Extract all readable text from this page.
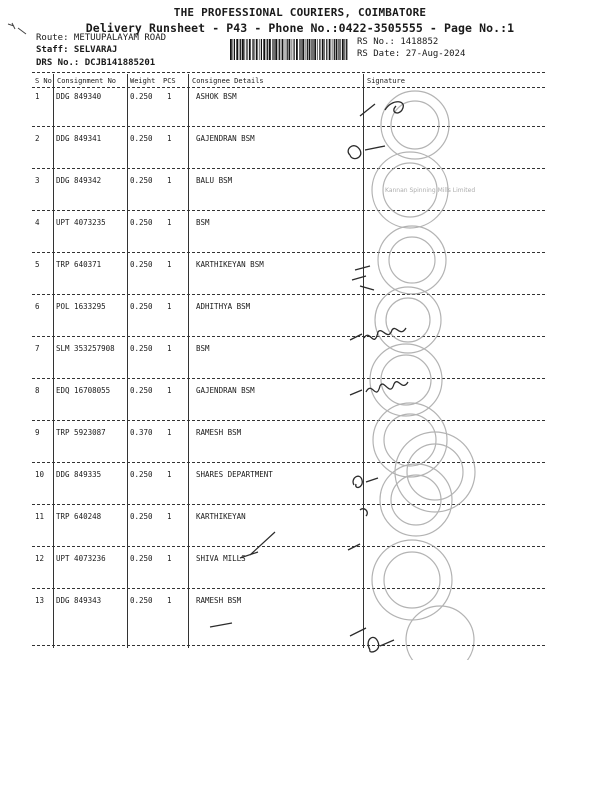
THE PROFESSIONAL COURIERS, COIMBATORE
Delivery Runsheet - P43 - Phone No.:0422-3505555 - Page No.:1
Route: METUUPALAYAM ROAD
Staff: SELVARAJ
DRS No.: DCJB141885201
RS No.: 1418852
RS Date: 27-Aug-2024
S No Consignment No Weight PCS Consignee Details	Signature
1 DDG 849340	0.250 1	ASHOK BSM
2 DDG 849341	0.250 1	GAJENDRAN BSM
3 DDG 849342	0.250 1	BALU BSM
4 UPT 4073235	0.250 1	BSM
5 TRP 640371	0.250 1	KARTHIKEYAN BSM
6 POL 1633295	0.250 1	ADHITHYA BSM
7 SLM 353257908 0.250 1	BSM
8 EDQ 16708055	0.250 1	GAJENDRAN BSM
9 TRP 5923087	0.370 1	RAMESH BSM
10 DDG 849335	0.250 1	SHARES DEPARTMENT
11 TRP 640248	0.250 1	KARTHIKEYAN
12 UPT 4073236	0.250 1	SHIVA MILLS
13 DDG 849343	0.250 1	RAMESH BSM
Kannan Spinning Mills Limited
